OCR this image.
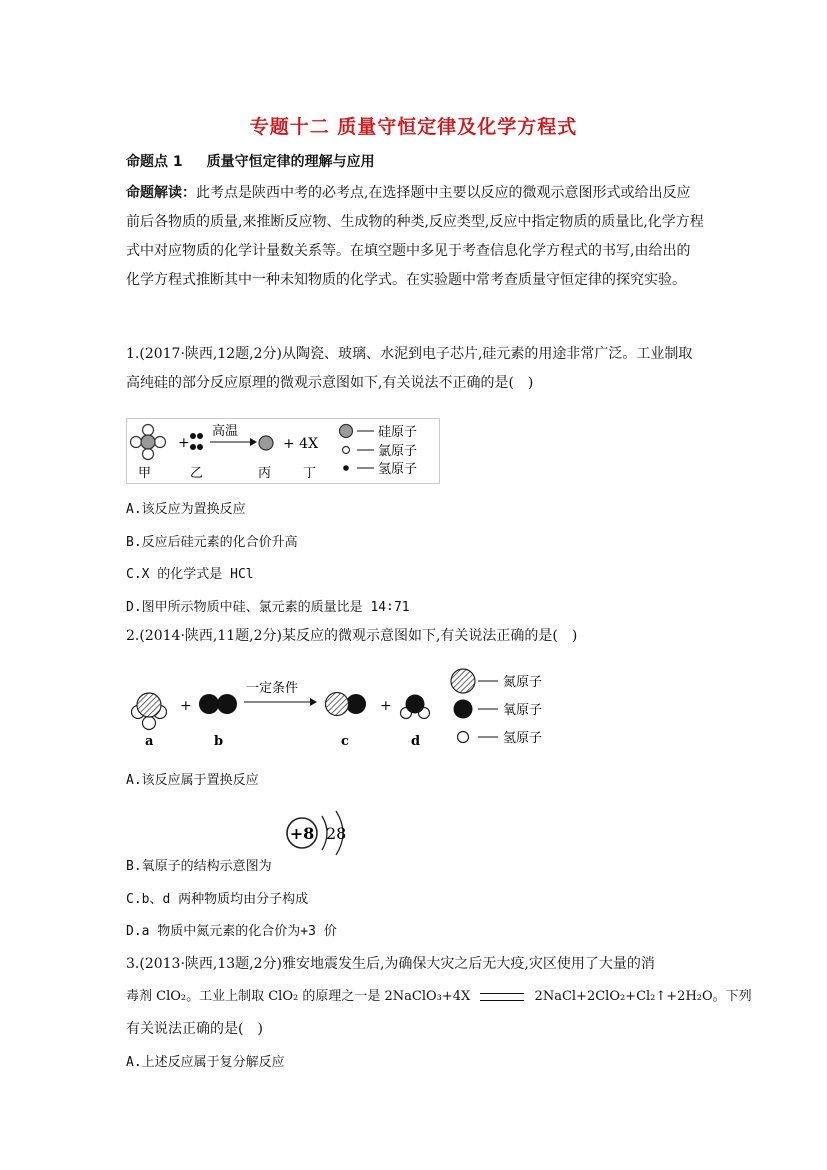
专题十二 质量守恒定律及化学方程式
命题点 1 质量守恒定律的理解与应用
命题解读：此考点是陕西中考的必考点,在选择题中主要以反应的微观示意图形式或给出反应前后各物质的质量,来推断反应物、生成物的种类,反应类型,反应中指定物质的质量比,化学方程式中对应物质的化学计量数关系等。在填空题中多见于考查信息化学方程式的书写,由给出的化学方程式推断其中一种未知物质的化学式。在实验题中常考查质量守恒定律的探究实验。
1.(2017·陕西,12题,2分)从陶瓷、玻璃、水泥到电子芯片,硅元素的用途非常广泛。工业制取高纯硅的部分反应原理的微观示意图如下,有关说法不正确的是(　)
+
高温
+ 4X
甲	乙	丙 丁
硅原子
氯原子
氢原子
A.该反应为置换反应
B.反应后硅元素的化合价升高
C.X 的化学式是 HCl
D.图甲所示物质中硅、氯元素的质量比是 14∶71
2.(2014·陕西,11题,2分)某反应的微观示意图如下,有关说法正确的是(　)
+
一定条件
+
a	b	c	d
氮原子
氧原子
氢原子
A.该反应属于置换反应
+8 28
B.氧原子的结构示意图为
C.b、d 两种物质均由分子构成
D.a 物质中氮元素的化合价为+3 价
3.(2013·陕西,13题,2分)雅安地震发生后,为确保大灾之后无大疫,灾区使用了大量的消
毒剂 ClO₂。工业上制取 ClO₂ 的原理之一是 2NaClO₃+4X	2NaCl+2ClO₂+Cl₂↑+2H₂O。下列
有关说法正确的是(　)
A.上述反应属于复分解反应
